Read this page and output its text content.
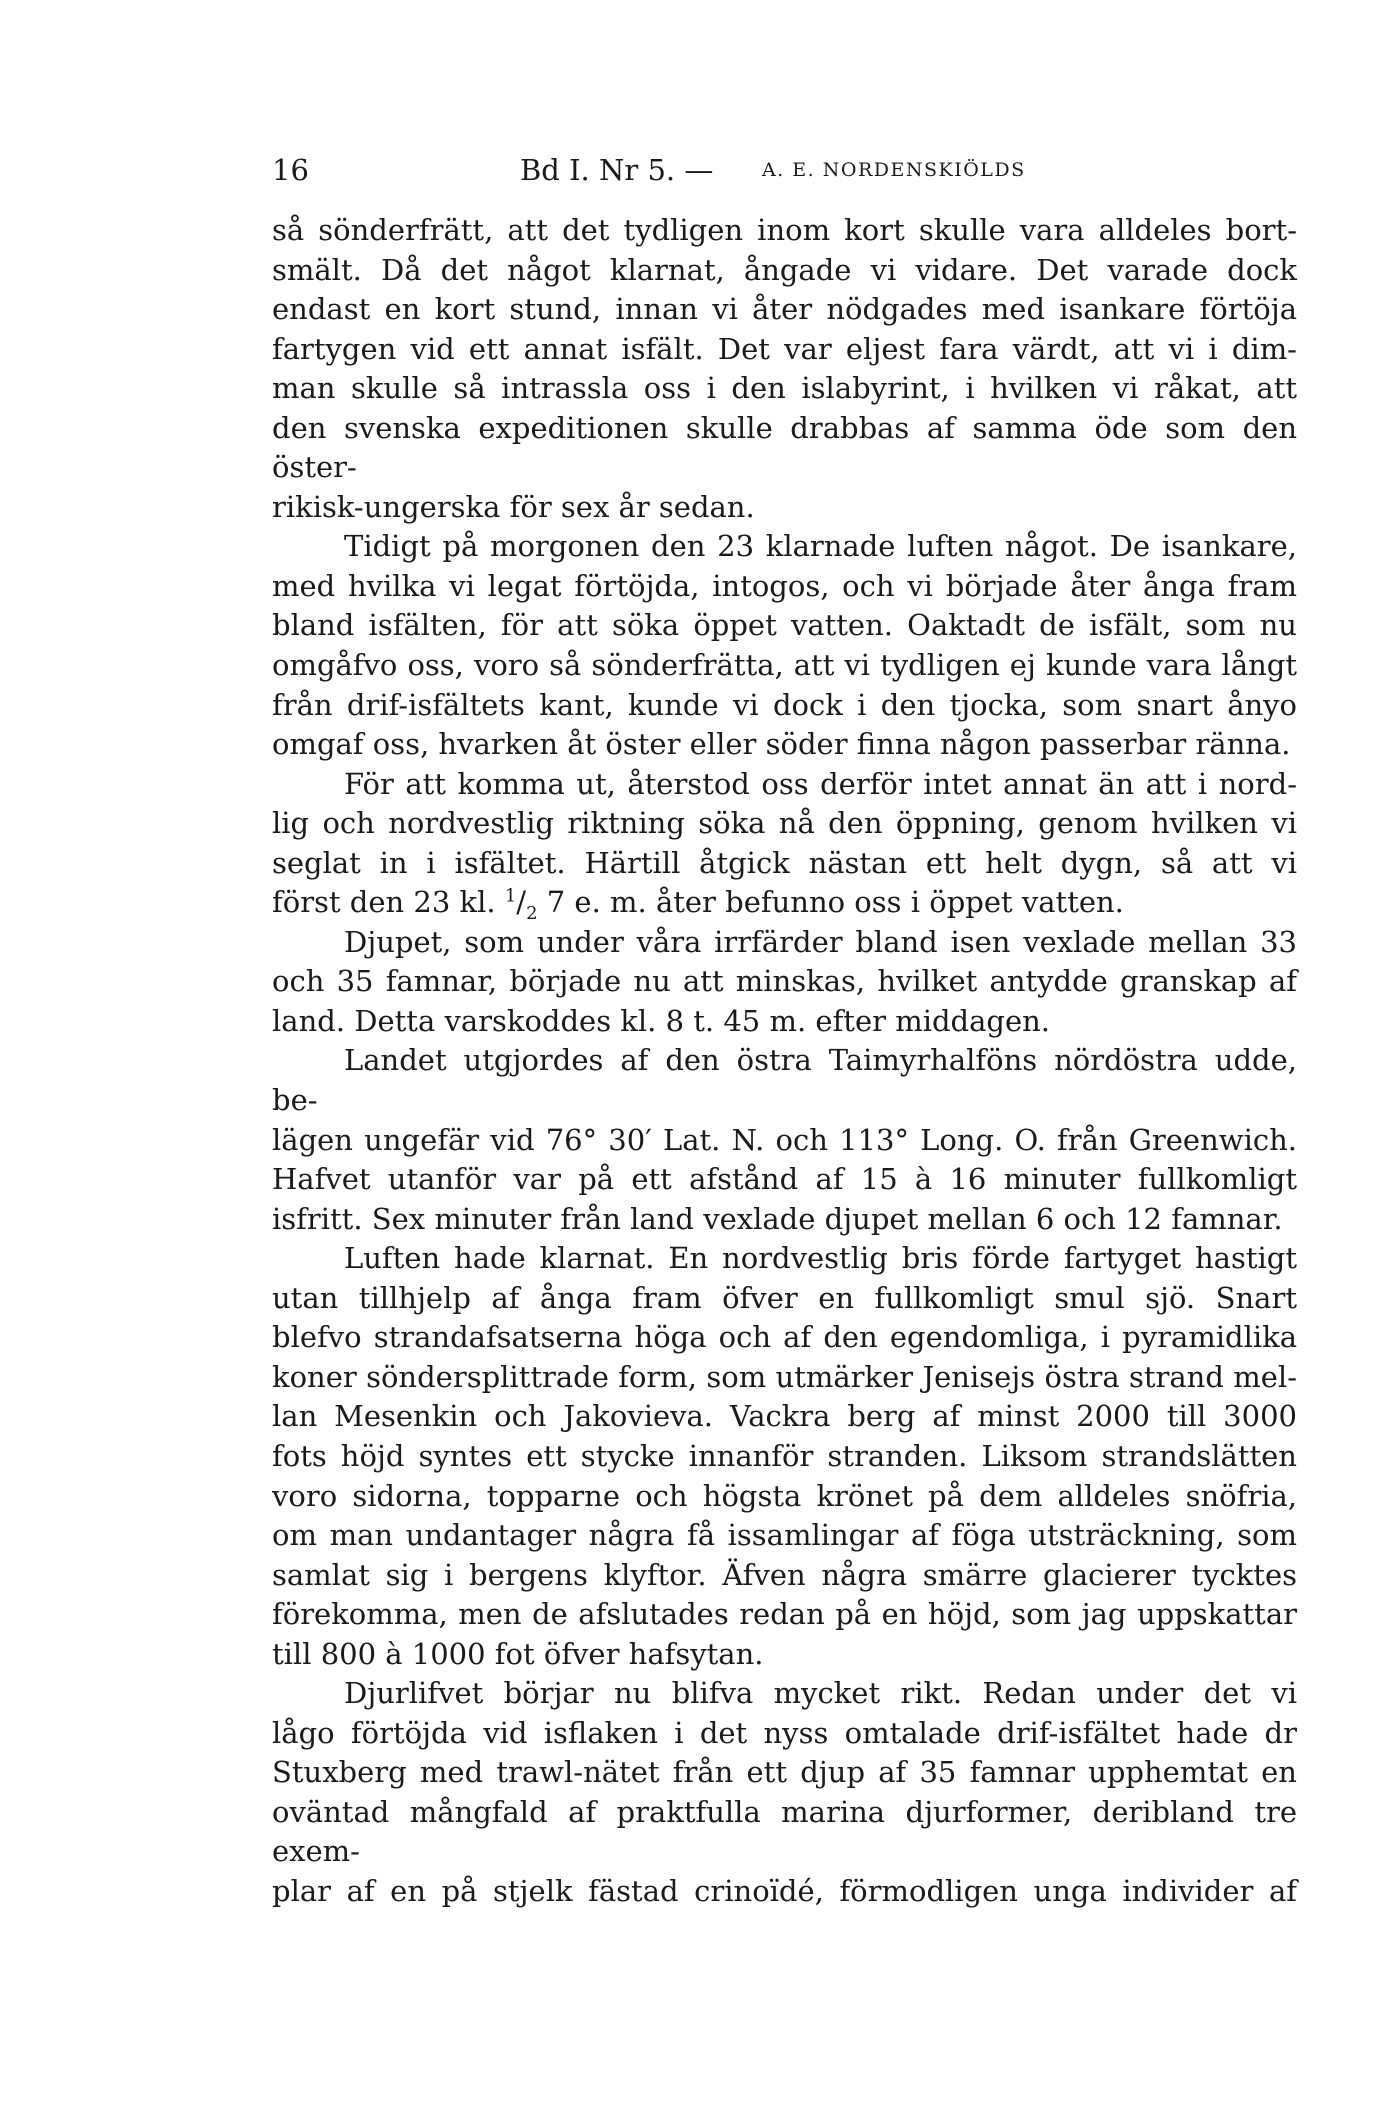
16	Bd I. Nr 5. —	A. E. NORDENSKIÖLDS

så sönderfrätt, att det tydligen inom kort skulle vara alldeles bort-

smält. Då det något klarnat, ångade vi vidare. Det varade dock

endast en kort stund, innan vi åter nödgades med isankare förtöja

fartygen vid ett annat isfält. Det var eljest fara värdt, att vi i dim-

man skulle så intrassla oss i den islabyrint, i hvilken vi råkat, att

den svenska expeditionen skulle drabbas af samma öde som den öster-

rikisk-ungerska för sex år sedan.

Tidigt på morgonen den 23 klarnade luften något. De isankare,

med hvilka vi legat förtöjda, intogos, och vi började åter ånga fram

bland isfälten, för att söka öppet vatten. Oaktadt de isfält, som nu

omgåfvo oss, voro så sönderfrätta, att vi tydligen ej kunde vara långt

från drif-isfältets kant, kunde vi dock i den tjocka, som snart ånyo

omgaf oss, hvarken åt öster eller söder finna någon passerbar ränna.

För att komma ut, återstod oss derför intet annat än att i nord-

lig och nordvestlig riktning söka nå den öppning, genom hvilken vi

seglat in i isfältet. Härtill åtgick nästan ett helt dygn, så att vi

först den 23 kl. $^1/_2$ 7 e. m. åter befunno oss i öppet vatten.

Djupet, som under våra irrfärder bland isen vexlade mellan 33

och 35 famnar, började nu att minskas, hvilket antydde granskap af

land. Detta varskoddes kl. 8 t. 45 m. efter middagen.

Landet utgjordes af den östra Taimyrhalföns nördöstra udde, be-

lägen ungefär vid 76° 30′ Lat. N. och 113° Long. O. från Greenwich.

Hafvet utanför var på ett afstånd af 15 à 16 minuter fullkomligt

isfritt. Sex minuter från land vexlade djupet mellan 6 och 12 famnar.

Luften hade klarnat. En nordvestlig bris förde fartyget hastigt

utan tillhjelp af ånga fram öfver en fullkomligt smul sjö. Snart

blefvo strandafsatserna höga och af den egendomliga, i pyramidlika

koner söndersplittrade form, som utmärker Jenisejs östra strand mel-

lan Mesenkin och Jakovieva. Vackra berg af minst 2000 till 3000

fots höjd syntes ett stycke innanför stranden. Liksom strandslätten

voro sidorna, topparne och högsta krönet på dem alldeles snöfria,

om man undantager några få issamlingar af föga utsträckning, som

samlat sig i bergens klyftor. Äfven några smärre glacierer tycktes

förekomma, men de afslutades redan på en höjd, som jag uppskattar

till 800 à 1000 fot öfver hafsytan.

Djurlifvet börjar nu blifva mycket rikt. Redan under det vi

lågo förtöjda vid isflaken i det nyss omtalade drif-isfältet hade dr

Stuxberg med trawl-nätet från ett djup af 35 famnar upphemtat en

oväntad mångfald af praktfulla marina djurformer, deribland tre exem-

plar af en på stjelk fästad crinoïdé, förmodligen unga individer af
